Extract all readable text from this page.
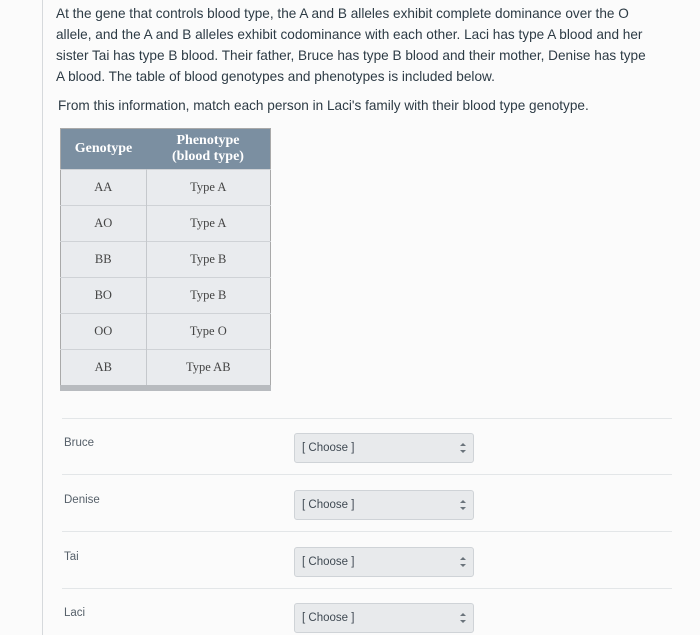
At the gene that controls blood type, the A and B alleles exhibit complete dominance over the O allele, and the A and B alleles exhibit codominance with each other. Laci has type A blood and her sister Tai has type B blood. Their father, Bruce has type B blood and their mother, Denise has type A blood. The table of blood genotypes and phenotypes is included below.
From this information, match each person in Laci's family with their blood type genotype.
Genotype	Phenotype (blood type)
AA	Type A
AO	Type A
BB	Type B
BO	Type B
OO	Type O
AB	Type AB
Bruce	[ Choose ]
Denise	[ Choose ]
Tai	[ Choose ]
Laci	[ Choose ]
